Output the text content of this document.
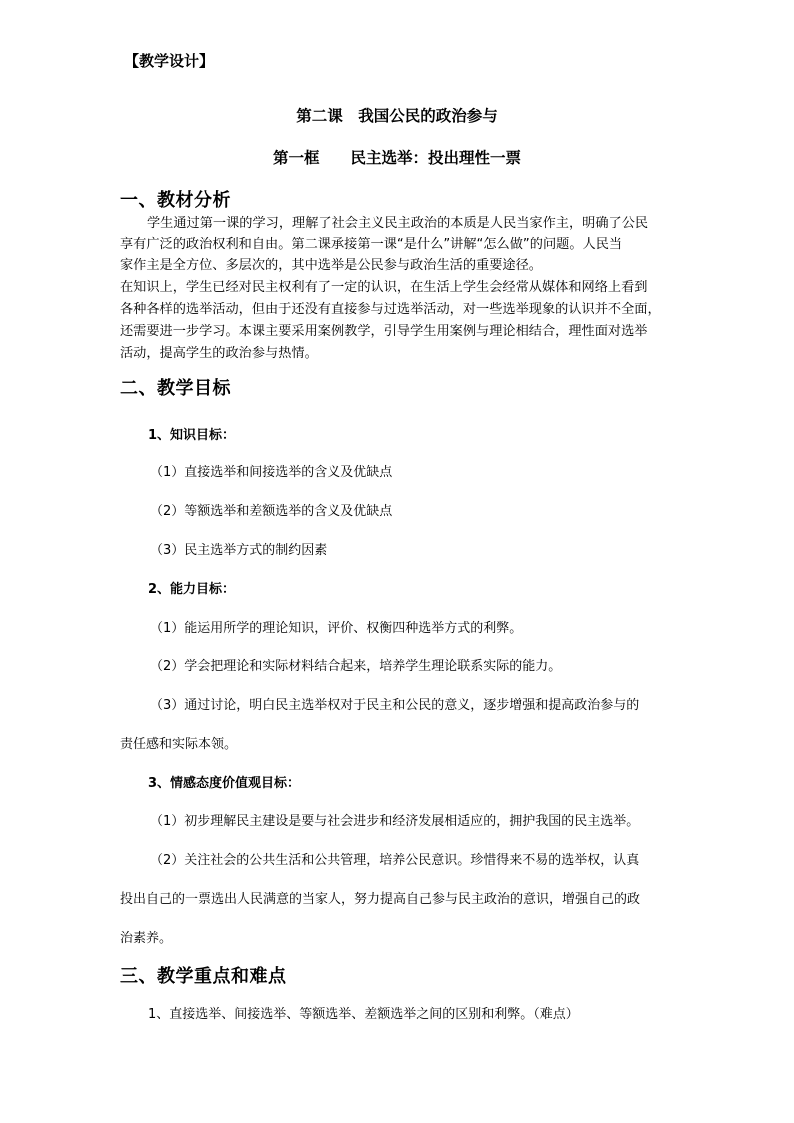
【教学设计】
第二课　我国公民的政治参与
第一框　　民主选举：投出理性一票
一、教材分析
学生通过第一课的学习，理解了社会主义民主政治的本质是人民当家作主，明确了公民
享有广泛的政治权利和自由。第二课承接第一课“是什么”讲解“怎么做”的问题。人民当
家作主是全方位、多层次的，其中选举是公民参与政治生活的重要途径。
在知识上，学生已经对民主权利有了一定的认识，在生活上学生会经常从媒体和网络上看到
各种各样的选举活动，但由于还没有直接参与过选举活动，对一些选举现象的认识并不全面，
还需要进一步学习。本课主要采用案例教学，引导学生用案例与理论相结合，理性面对选举
活动，提高学生的政治参与热情。
二、教学目标
1、知识目标：
（1）直接选举和间接选举的含义及优缺点
（2）等额选举和差额选举的含义及优缺点
（3）民主选举方式的制约因素
2、能力目标：
（1）能运用所学的理论知识，评价、权衡四种选举方式的利弊。
（2）学会把理论和实际材料结合起来，培养学生理论联系实际的能力。
（3）通过讨论，明白民主选举权对于民主和公民的意义，逐步增强和提高政治参与的
责任感和实际本领。
3、情感态度价值观目标：
（1）初步理解民主建设是要与社会进步和经济发展相适应的，拥护我国的民主选举。
（2）关注社会的公共生活和公共管理，培养公民意识。珍惜得来不易的选举权，认真
投出自己的一票选出人民满意的当家人，努力提高自己参与民主政治的意识，增强自己的政
治素养。
三、教学重点和难点
1、直接选举、间接选举、等额选举、差额选举之间的区别和利弊。（难点）
